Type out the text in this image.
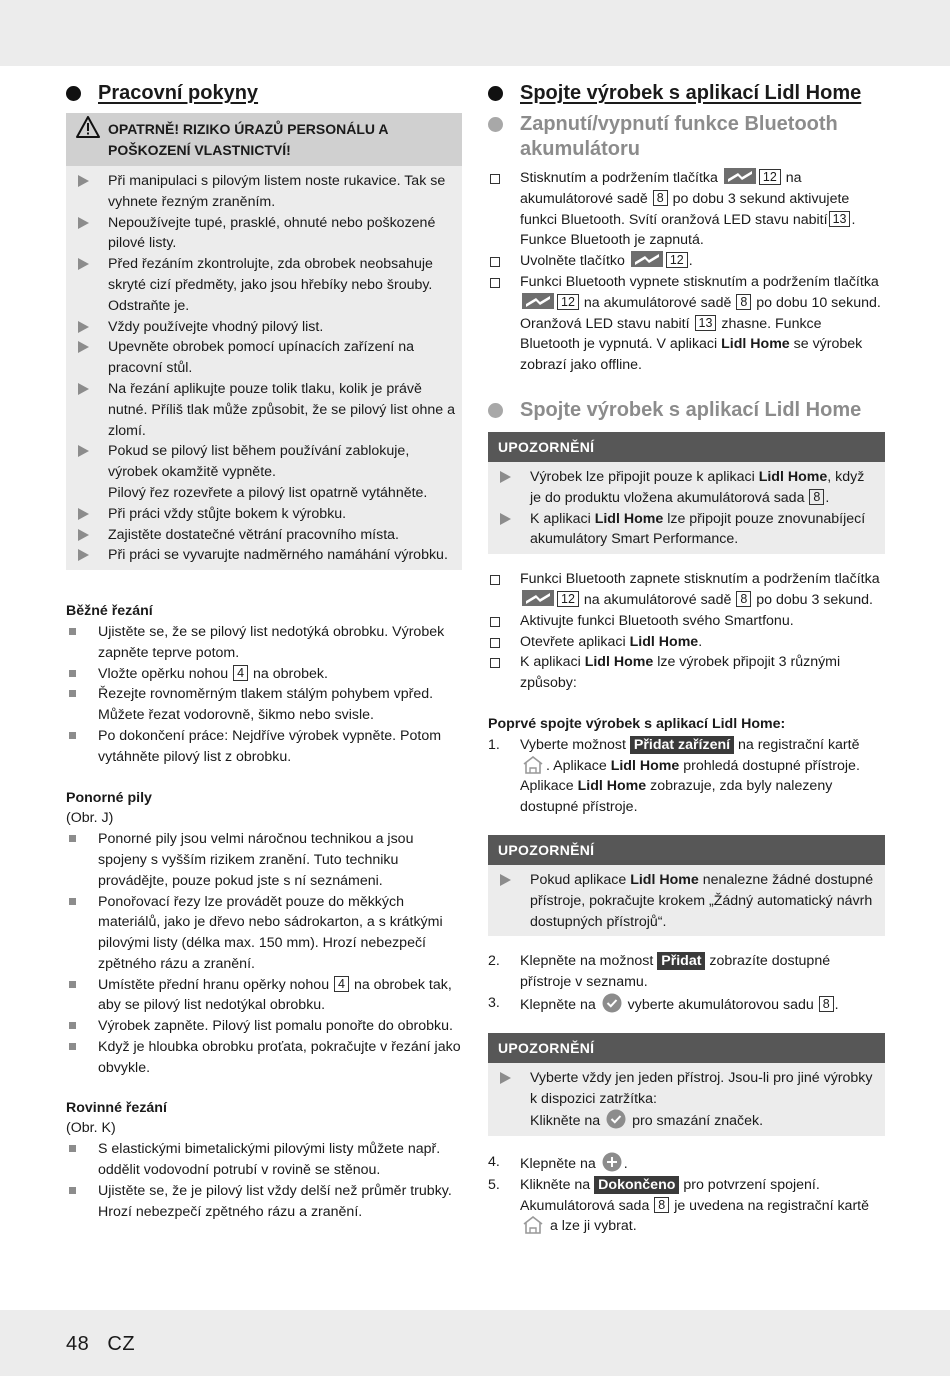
Pracovní pokyny
OPATRNĚ! RIZIKO ÚRAZŮ PERSONÁLU A POŠKOZENÍ VLASTNICTVÍ!
Při manipulaci s pilovým listem noste rukavice. Tak se vyhnete řezným zraněním.
Nepoužívejte tupé, prasklé, ohnuté nebo poškozené pilové listy.
Před řezáním zkontrolujte, zda obrobek neobsahuje skryté cizí předměty, jako jsou hřebíky nebo šrouby. Odstraňte je.
Vždy používejte vhodný pilový list.
Upevněte obrobek pomocí upínacích zařízení na pracovní stůl.
Na řezání aplikujte pouze tolik tlaku, kolik je právě nutné. Příliš tlak může způsobit, že se pilový list ohne a zlomí.
Pokud se pilový list během používání zablokuje, výrobek okamžitě vypněte.
Pilový řez rozevřete a pilový list opatrně vytáhněte.
Při práci vždy stůjte bokem k výrobku.
Zajistěte dostatečné větrání pracovního místa.
Při práci se vyvarujte nadměrného namáhání výrobku.
Běžné řezání
Ujistěte se, že se pilový list nedotýká obrobku. Výrobek zapněte teprve potom.
Vložte opěrku nohou 4 na obrobek.
Řezejte rovnoměrným tlakem stálým pohybem vpřed. Můžete řezat vodorovně, šikmo nebo svisle.
Po dokončení práce: Nejdříve výrobek vypněte. Potom vytáhněte pilový list z obrobku.
Ponorné pily
(Obr. J)
Ponorné pily jsou velmi náročnou technikou a jsou spojeny s vyšším rizikem zranění. Tuto techniku provádějte, pouze pokud jste s ní seznámeni.
Ponořovací řezy lze provádět pouze do měkkých materiálů, jako je dřevo nebo sádrokarton, a s krátkými pilovými listy (délka max. 150 mm). Hrozí nebezpečí zpětného rázu a zranění.
Umístěte přední hranu opěrky nohou 4 na obrobek tak, aby se pilový list nedotýkal obrobku.
Výrobek zapněte. Pilový list pomalu ponořte do obrobku.
Když je hloubka obrobku proťata, pokračujte v řezání jako obvykle.
Rovinné řezání
(Obr. K)
S elastickými bimetalickými pilovými listy můžete např. oddělit vodovodní potrubí v rovině se stěnou.
Ujistěte se, že je pilový list vždy delší než průměr trubky. Hrozí nebezpečí zpětného rázu a zranění.
Spojte výrobek s aplikací Lidl Home
Zapnutí/vypnutí funkce Bluetooth akumulátoru
Stisknutím a podržením tlačítka	12 na akumulátorové sadě 8 po dobu 3 sekund aktivujete funkci Bluetooth. Svítí oranžová LED stavu nabití 13 . Funkce Bluetooth je zapnutá.
Uvolněte tlačítko	12 .
Funkci Bluetooth vypnete stisknutím a podržením tlačítka
12 na akumulátorové sadě 8 po dobu 10 sekund. Oranžová LED stavu nabití 13 zhasne. Funkce Bluetooth je vypnutá. V aplikaci Lidl Home se výrobek zobrazí jako offline.
Spojte výrobek s aplikací Lidl Home
UPOZORNĚNÍ
Výrobek lze připojit pouze k aplikaci Lidl Home, když je do produktu vložena akumulátorová sada 8 .
K aplikaci Lidl Home lze připojit pouze znovunabíjecí akumulátory Smart Performance.
Funkci Bluetooth zapnete stisknutím a podržením tlačítka
12 na akumulátorové sadě 8 po dobu 3 sekund.
Aktivujte funkci Bluetooth svého Smartfonu.
Otevřete aplikaci Lidl Home.
K aplikaci Lidl Home lze výrobek připojit 3 různými způsoby:
Poprvé spojte výrobek s aplikací Lidl Home:
1. Vyberte možnost Přidat zařízení na registrační kartě . Aplikace Lidl Home prohledá dostupné přístroje. Aplikace Lidl Home zobrazuje, zda byly nalezeny dostupné přístroje.
UPOZORNĚNÍ
Pokud aplikace Lidl Home nenalezne žádné dostupné přístroje, pokračujte krokem „Žádný automatický návrh dostupných přístrojů“.
2. Klepněte na možnost Přidat zobrazíte dostupné přístroje v seznamu.
3. Klepněte na vyberte akumulátorovou sadu 8 .
UPOZORNĚNÍ
Vyberte vždy jen jeden přístroj. Jsou-li pro jiné výrobky k dispozici zatržítka:
Klikněte na pro smazání značek.
4. Klepněte na .
5. Klikněte na Dokončeno pro potvrzení spojení. Akumulátorová sada 8 je uvedena na registrační kartě  a lze ji vybrat.
48 CZ
